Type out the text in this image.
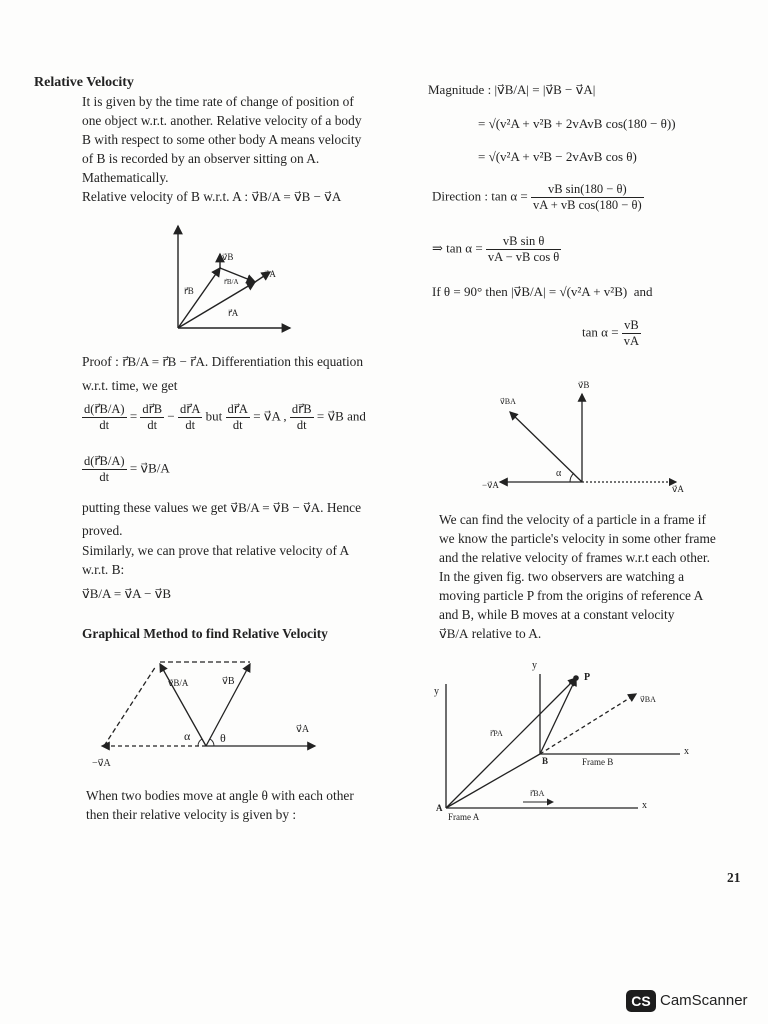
Relative Velocity
It is given by the time rate of change of position of
one object w.r.t. another. Relative velocity of a body
B with respect to some other body A means velocity
of B is recorded by an observer sitting on A.
Mathematically.
Relative velocity of B w.r.t. A : v⃗B/A = v⃗B − v⃗A
v⃗B
v⃗A
r⃗B
r⃗B/A
r⃗A
Proof : r⃗B/A = r⃗B − r⃗A. Differentiation this equation
w.r.t. time, we get
$\frac{d(r⃗B/A)}{dt} = \frac{dr⃗B}{dt} - \frac{dr⃗A}{dt}$ but $\frac{dr⃗A}{dt}$ = v⃗A , $\frac{dr⃗B}{dt}$ = v⃗B and
$\frac{d(r⃗B/A)}{dt}$ = v⃗B/A
putting these values we get v⃗B/A = v⃗B − v⃗A. Hence
proved.
Similarly, we can prove that relative velocity of A
w.r.t. B:
v⃗B/A = v⃗A − v⃗B
Graphical Method to find Relative Velocity
v⃗B/A	v⃗B
α θ
v⃗A
−v⃗A
When two bodies move at angle θ with each other
then their relative velocity is given by :
Magnitude : |v⃗B/A| = |v⃗B − v⃗A|
= √(v²A + v²B + 2vAvB cos(180 − θ))
= √(v²A + v²B − 2vAvB cos θ)
Direction : $\tan \alpha = \frac{\text{vB sin(180 − θ)}}{\text{vA + vB cos(180 − θ)}}$
⇒ $\tan \alpha = \frac{\text{vB sin θ}}{\text{vA − vB cos θ}}$
If θ = 90° then |v⃗B/A| = √(v²A + v²B) and
$\tan \alpha = \frac{vB}{vA}$
v⃗BA
v⃗B
α
−v⃗A	v⃗A
We can find the velocity of a particle in a frame if
we know the particle's velocity in some other frame
and the relative velocity of frames w.r.t each other.
In the given fig. two observers are watching a
moving particle P from the origins of reference A
and B, while B moves at a constant velocity
v⃗B/A relative to A.
y
y
P
v⃗BA
r⃗PA
x
B	Frame B
r⃗BA
A	x
Frame A
21
CS CamScanner
